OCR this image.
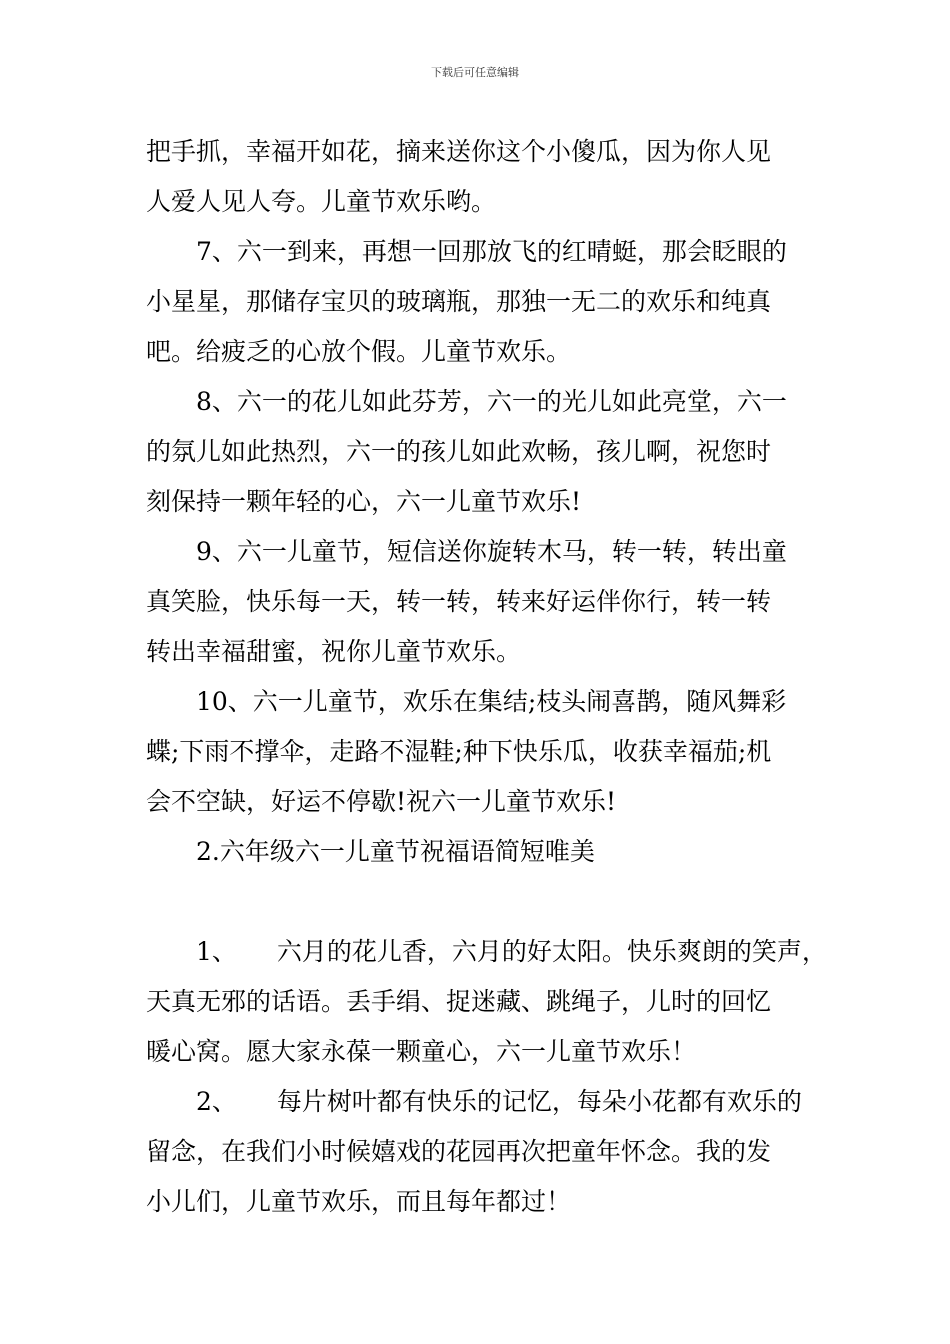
下载后可任意编辑
把手抓，幸福开如花，摘来送你这个小傻瓜，因为你人见
人爱人见人夸。儿童节欢乐哟。
7、六一到来，再想一回那放飞的红晴蜓，那会眨眼的
小星星，那储存宝贝的玻璃瓶，那独一无二的欢乐和纯真
吧。给疲乏的心放个假。儿童节欢乐。
8、六一的花儿如此芬芳，六一的光儿如此亮堂，六一
的氛儿如此热烈，六一的孩儿如此欢畅，孩儿啊，祝您时
刻保持一颗年轻的心，六一儿童节欢乐!
9、六一儿童节，短信送你旋转木马，转一转，转出童
真笑脸，快乐每一天，转一转，转来好运伴你行，转一转
转出幸福甜蜜，祝你儿童节欢乐。
10、六一儿童节，欢乐在集结;枝头闹喜鹊，随风舞彩
蝶;下雨不撑伞，走路不湿鞋;种下快乐瓜，收获幸福茄;机
会不空缺，好运不停歇!祝六一儿童节欢乐!
2.六年级六一儿童节祝福语简短唯美
1、 六月的花儿香，六月的好太阳。快乐爽朗的笑声，
天真无邪的话语。丢手绢、捉迷藏、跳绳子，儿时的回忆
暖心窝。愿大家永葆一颗童心，六一儿童节欢乐！
2、 每片树叶都有快乐的记忆，每朵小花都有欢乐的
留念，在我们小时候嬉戏的花园再次把童年怀念。我的发
小儿们，儿童节欢乐，而且每年都过！
